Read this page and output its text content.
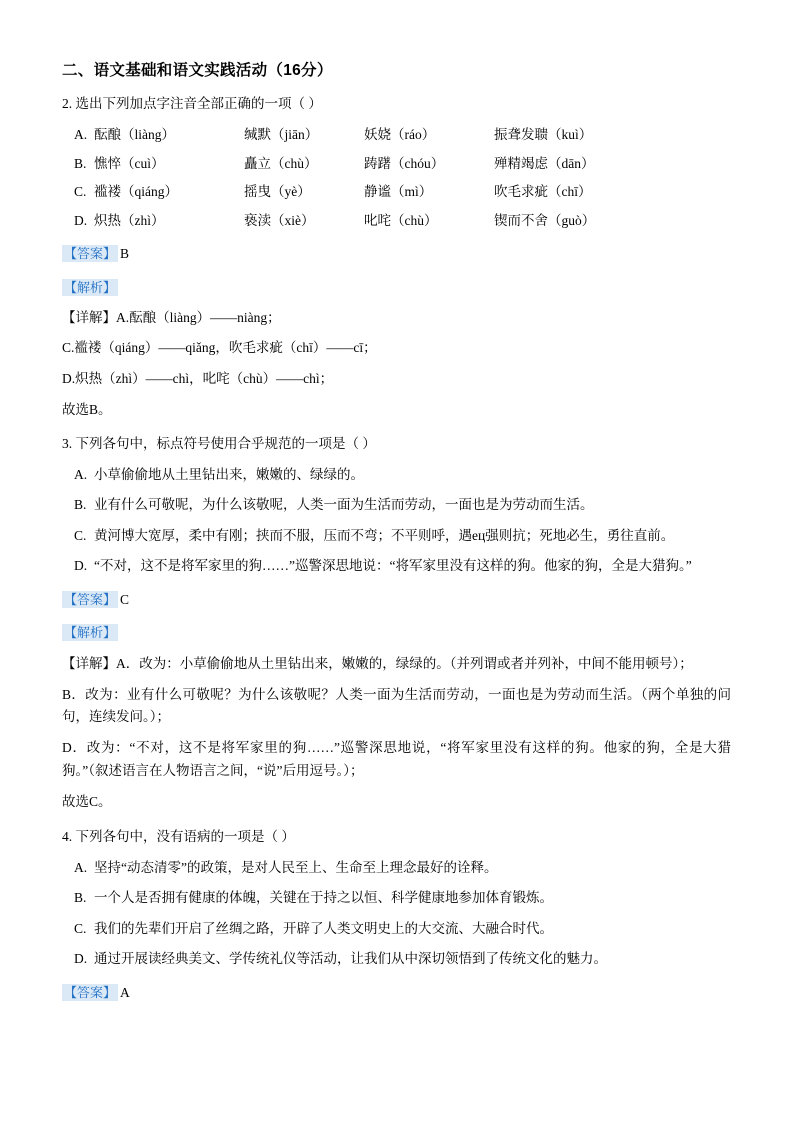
二、语文基础和语文实践活动（16分）
2. 选出下列加点字注音全部正确的一项（ ）
A. 酝酿（liàng）	缄默（jiān）	妖娆（ráo）	振聋发聩（kuì）
B. 憔悴（cuì）	矗立（chù）	踌躇（chóu）	殚精竭虑（dān）
C. 褴褛（qiáng）	摇曳（yè）	静谧（mì）	吹毛求疵（chī）
D. 炽热（zhì）	亵渎（xiè）	叱咤（chù）	锲而不舍（guò）
【答案】 B
【解析】
【详解】A.酝酿（liàng）——niàng；
C.褴褛（qiáng）——qiǎng，吹毛求疵（chī）——cī；
D.炽热（zhì）——chì，叱咤（chù）——chì；
故选B。
3. 下列各句中，标点符号使用合乎规范的一项是（ ）
A. 小草偷偷地从土里钻出来，嫩嫩的、绿绿的。
B. 业有什么可敬呢，为什么该敬呢，人类一面为生活而劳动，一面也是为劳动而生活。
C. 黄河博大宽厚，柔中有刚；挟而不服，压而不弯；不平则呼，遇ец强则抗；死地必生，勇往直前。
D. “不对，这不是将军家里的狗……”巡警深思地说：“将军家里没有这样的狗。他家的狗，全是大猎狗。”
【答案】 C
【解析】
【详解】A．改为：小草偷偷地从土里钻出来，嫩嫩的，绿绿的。（并列谓或者并列补，中间不能用顿号）；
B．改为：业有什么可敬呢？为什么该敬呢？人类一面为生活而劳动，一面也是为劳动而生活。（两个单独的问句，连续发问。）；
D．改为：“不对，这不是将军家里的狗……”巡警深思地说，“将军家里没有这样的狗。他家的狗，全是大猎狗。”（叙述语言在人物语言之间，“说”后用逗号。）；
故选C。
4. 下列各句中，没有语病的一项是（ ）
A. 坚持“动态清零”的政策，是对人民至上、生命至上理念最好的诠释。
B. 一个人是否拥有健康的体魄，关键在于持之以恒、科学健康地参加体育锻炼。
C. 我们的先辈们开启了丝绸之路，开辟了人类文明史上的大交流、大融合时代。
D. 通过开展读经典美文、学传统礼仪等活动，让我们从中深切领悟到了传统文化的魅力。
【答案】 A
